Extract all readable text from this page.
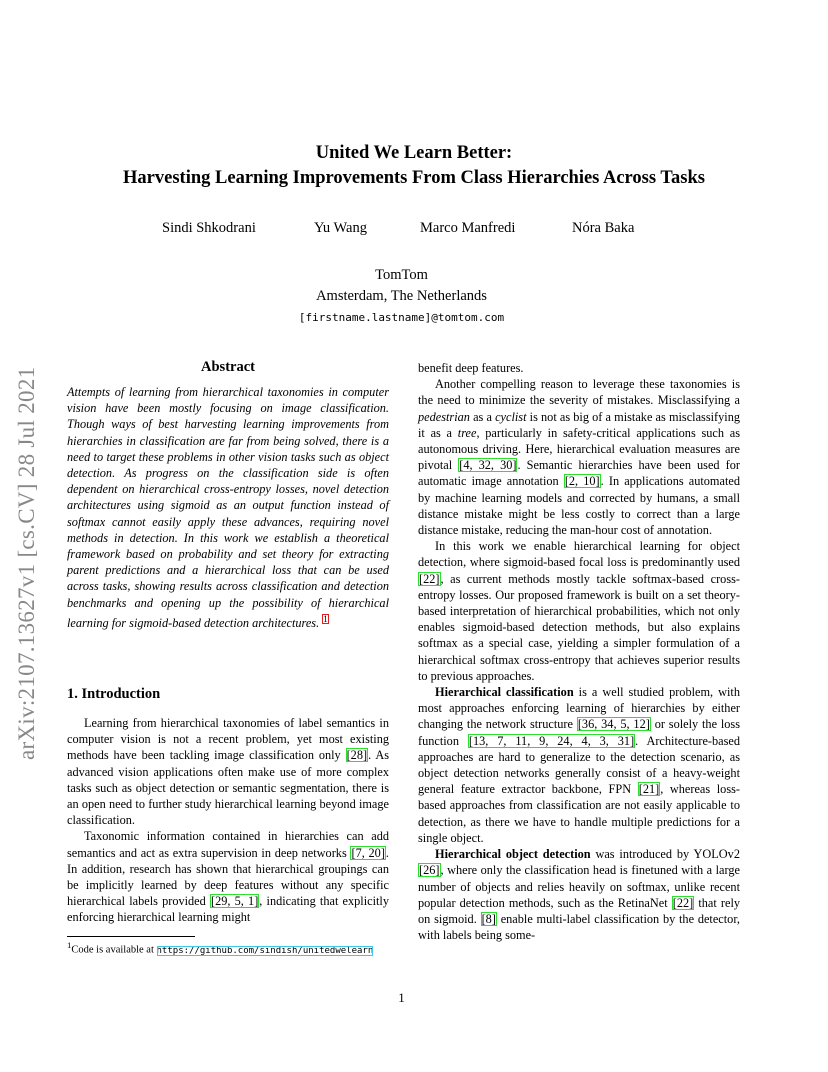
arXiv:2107.13627v1 [cs.CV] 28 Jul 2021
United We Learn Better:
Harvesting Learning Improvements From Class Hierarchies Across Tasks
Sindi Shkodrani	Yu Wang	Marco Manfredi	Nóra Baka
TomTom
Amsterdam, The Netherlands
[firstname.lastname]@tomtom.com
Abstract
Attempts of learning from hierarchical taxonomies in computer vision have been mostly focusing on image classification. Though ways of best harvesting learning improvements from hierarchies in classification are far from being solved, there is a need to target these problems in other vision tasks such as object detection. As progress on the classification side is often dependent on hierarchical cross-entropy losses, novel detection architectures using sigmoid as an output function instead of softmax cannot easily apply these advances, requiring novel methods in detection. In this work we establish a theoretical framework based on probability and set theory for extracting parent predictions and a hierarchical loss that can be used across tasks, showing results across classification and detection benchmarks and opening up the possibility of hierarchical learning for sigmoid-based detection architectures. $^1$
1. Introduction

Learning from hierarchical taxonomies of label semantics in computer vision is not a recent problem, yet most existing methods have been tackling image classification only [28]. As advanced vision applications often make use of more complex tasks such as object detection or semantic segmentation, there is an open need to further study hierarchical learning beyond image classification.

Taxonomic information contained in hierarchies can add semantics and act as extra supervision in deep networks [7, 20]. In addition, research has shown that hierarchical groupings can be implicitly learned by deep features without any specific hierarchical labels provided [29, 5, 1], indicating that explicitly enforcing hierarchical learning might

$^1$Code is available at https://github.com/sindish/unitedwelearn

benefit deep features.

Another compelling reason to leverage these taxonomies is the need to minimize the severity of mistakes. Misclassifying a pedestrian as a cyclist is not as big of a mistake as misclassifying it as a tree, particularly in safety-critical applications such as autonomous driving. Here, hierarchical evaluation measures are pivotal [4, 32, 30]. Semantic hierarchies have been used for automatic image annotation [2, 10]. In applications automated by machine learning models and corrected by humans, a small distance mistake might be less costly to correct than a large distance mistake, reducing the man-hour cost of annotation.

In this work we enable hierarchical learning for object detection, where sigmoid-based focal loss is predominantly used [22], as current methods mostly tackle softmax-based cross-entropy losses. Our proposed framework is built on a set theory-based interpretation of hierarchical probabilities, which not only enables sigmoid-based detection methods, but also explains softmax as a special case, yielding a simpler formulation of a hierarchical softmax cross-entropy that achieves superior results to previous approaches.

Hierarchical classification is a well studied problem, with most approaches enforcing learning of hierarchies by either changing the network structure [36, 34, 5, 12] or solely the loss function [13, 7, 11, 9, 24, 4, 3, 31]. Architecture-based approaches are hard to generalize to the detection scenario, as object detection networks generally consist of a heavy-weight general feature extractor backbone, FPN [21], whereas loss-based approaches from classification are not easily applicable to detection, as there we have to handle multiple predictions for a single object.

Hierarchical object detection was introduced by YOLOv2 [26], where only the classification head is finetuned with a large number of objects and relies heavily on softmax, unlike recent popular detection methods, such as the RetinaNet [22] that rely on sigmoid. [8] enable multi-label classification by the detector, with labels being some-

1
